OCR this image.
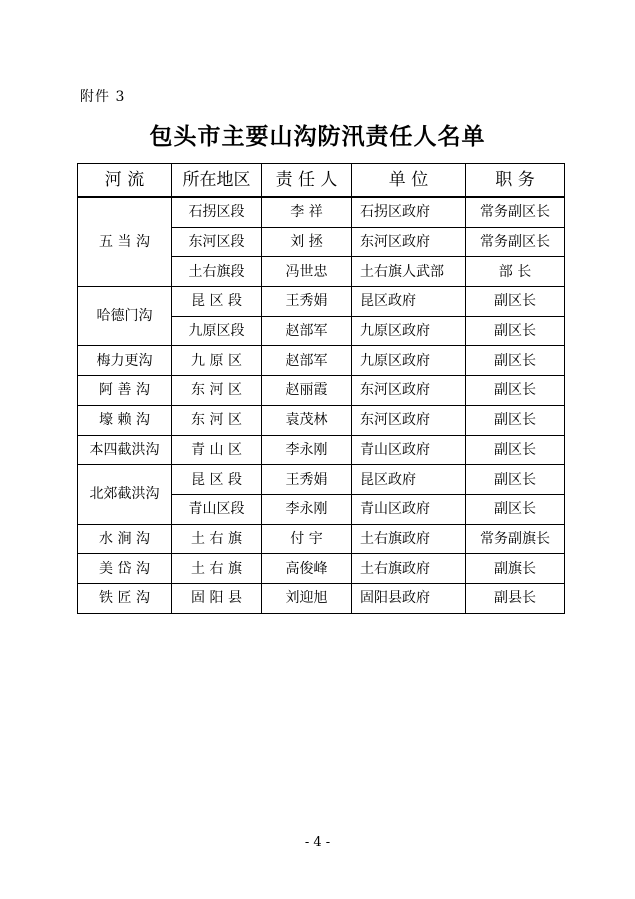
附件 3
包头市主要山沟防汛责任人名单
河 流	所在地区	责 任 人	单 位	职 务
五 当 沟	石拐区段	李 祥	石拐区政府	常务副区长
	东河区段	刘 拯	东河区政府	常务副区长
	土右旗段	冯世忠	土右旗人武部	部 长
哈德门沟	昆 区 段	王秀娟	昆区政府	副区长
	九原区段	赵部军	九原区政府	副区长
梅力更沟	九 原 区	赵部军	九原区政府	副区长
阿 善 沟	东 河 区	赵丽霞	东河区政府	副区长
壕 赖 沟	东 河 区	袁茂林	东河区政府	副区长
本四截洪沟	青 山 区	李永刚	青山区政府	副区长
北郊截洪沟	昆 区 段	王秀娟	昆区政府	副区长
	青山区段	李永刚	青山区政府	副区长
水 涧 沟	土 右 旗	付 宇	土右旗政府	常务副旗长
美 岱 沟	土 右 旗	高俊峰	土右旗政府	副旗长
铁 匠 沟	固 阳 县	刘迎旭	固阳县政府	副县长
- 4 -
